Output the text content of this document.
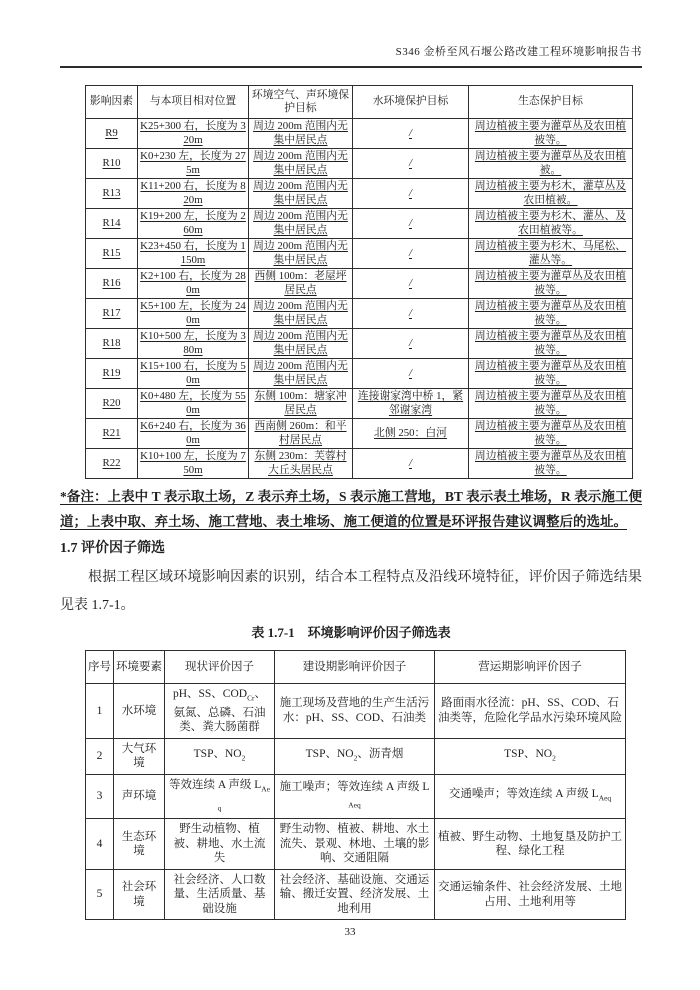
S346 金桥至风石堰公路改建工程环境影响报告书
影响因素	与本项目相对位置	环境空气、声环境保护目标	水环境保护目标	生态保护目标
R9	K25+300 右，长度为 320m	周边 200m 范围内无集中居民点	/	周边植被主要为灌草丛及农田植被等。
R10	K0+230 左，长度为 275m	周边 200m 范围内无集中居民点	/	周边植被主要为灌草丛及农田植被。
R13	K11+200 右，长度为 820m	周边 200m 范围内无集中居民点	/	周边植被主要为杉木，灌草丛及农田植被。
R14	K19+200 左，长度为 260m	周边 200m 范围内无集中居民点	/	周边植被主要为杉木、灌丛、及农田植被等。
R15	K23+450 右，长度为 1150m	周边 200m 范围内无集中居民点	/	周边植被主要为杉木、马尾松、灌丛等。
R16	K2+100 右，长度为 280m	西侧 100m：老屋坪居民点	/	周边植被主要为灌草丛及农田植被等。
R17	K5+100 左，长度为 240m	周边 200m 范围内无集中居民点	/	周边植被主要为灌草丛及农田植被等。
R18	K10+500 左，长度为 380m	周边 200m 范围内无集中居民点	/	周边植被主要为灌草丛及农田植被等。
R19	K15+100 右，长度为 50m	周边 200m 范围内无集中居民点	/	周边植被主要为灌草丛及农田植被等。
R20	K0+480 左，长度为 550m	东侧 100m：塘家冲居民点	连接谢家湾中桥 1，紧邻谢家湾	周边植被主要为灌草丛及农田植被等。
R21	K6+240 右，长度为 360m	西南侧 260m：和平村居民点	北侧 250：白河	周边植被主要为灌草丛及农田植被等。
R22	K10+100 左，长度为 750m	东侧 230m：芙蓉村大丘头居民点	/	周边植被主要为灌草丛及农田植被等。

*备注：上表中 T 表示取土场，Z 表示弃土场，S 表示施工营地，BT 表示表土堆场，R 表示施工便道；上表中取、弃土场、施工营地、表土堆场、施工便道的位置是环评报告建议调整后的选址。

1.7 评价因子筛选

根据工程区域环境影响因素的识别，结合本工程特点及沿线环境特征，评价因子筛选结果见表 1.7-1。

表 1.7-1　环境影响评价因子筛选表
序号	环境要素	现状评价因子	建设期影响评价因子	营运期影响评价因子
1	水环境	pH、SS、$COD_{Cr}$、氨氮、总磷、石油类、粪大肠菌群	施工现场及营地的生产生活污水：pH、SS、COD、石油类	路面雨水径流：pH、SS、COD、石油类等，危险化学品水污染环境风险
2	大气环境	TSP、$NO_2$	TSP、$NO_2$、沥青烟	TSP、$NO_2$
3	声环境	等效连续 A 声级 $L_{Aeq}$	施工噪声；等效连续 A 声级 $L_{Aeq}$	交通噪声；等效连续 A 声级 $L_{Aeq}$
4	生态环境	野生动植物、植被、耕地、水土流失	野生动物、植被、耕地、水土流失、景观、林地、土壤的影响、交通阻隔	植被、野生动物、土地复垦及防护工程、绿化工程
5	社会环境	社会经济、人口数量、生活质量、基础设施	社会经济、基础设施、交通运输、搬迁安置、经济发展、土地利用	交通运输条件、社会经济发展、土地占用、土地利用等
33
